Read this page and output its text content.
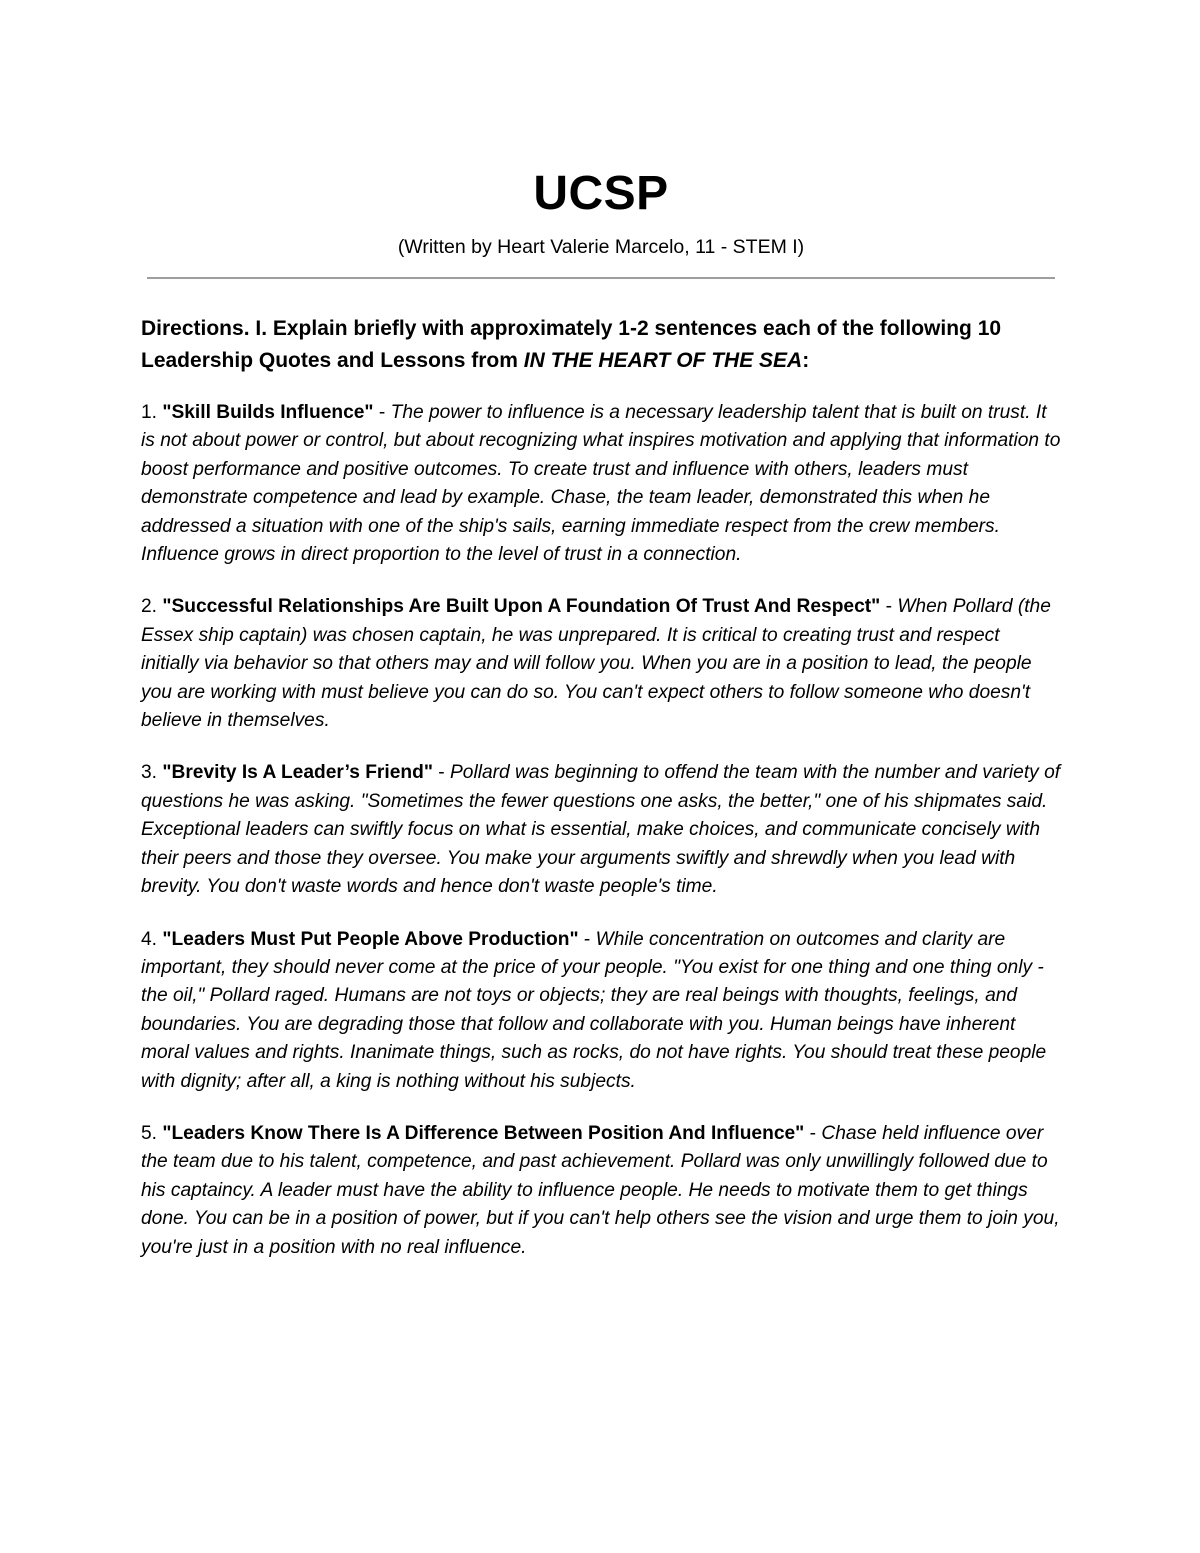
UCSP
(Written by Heart Valerie Marcelo, 11 - STEM I)
Directions. I. Explain briefly with approximately 1-2 sentences each of the following 10 Leadership Quotes and Lessons from IN THE HEART OF THE SEA:

1. "Skill Builds Influence" - The power to influence is a necessary leadership talent that is built on trust. It is not about power or control, but about recognizing what inspires motivation and applying that information to boost performance and positive outcomes. To create trust and influence with others, leaders must demonstrate competence and lead by example. Chase, the team leader, demonstrated this when he addressed a situation with one of the ship's sails, earning immediate respect from the crew members. Influence grows in direct proportion to the level of trust in a connection.

2. "Successful Relationships Are Built Upon A Foundation Of Trust And Respect" - When Pollard (the Essex ship captain) was chosen captain, he was unprepared. It is critical to creating trust and respect initially via behavior so that others may and will follow you. When you are in a position to lead, the people you are working with must believe you can do so. You can't expect others to follow someone who doesn't believe in themselves.

3. "Brevity Is A Leader’s Friend" - Pollard was beginning to offend the team with the number and variety of questions he was asking. "Sometimes the fewer questions one asks, the better," one of his shipmates said. Exceptional leaders can swiftly focus on what is essential, make choices, and communicate concisely with their peers and those they oversee. You make your arguments swiftly and shrewdly when you lead with brevity. You don't waste words and hence don't waste people's time.

4. "Leaders Must Put People Above Production" - While concentration on outcomes and clarity are important, they should never come at the price of your people. "You exist for one thing and one thing only - the oil," Pollard raged. Humans are not toys or objects; they are real beings with thoughts, feelings, and boundaries. You are degrading those that follow and collaborate with you. Human beings have inherent moral values and rights. Inanimate things, such as rocks, do not have rights. You should treat these people with dignity; after all, a king is nothing without his subjects.

5. "Leaders Know There Is A Difference Between Position And Influence" - Chase held influence over the team due to his talent, competence, and past achievement. Pollard was only unwillingly followed due to his captaincy. A leader must have the ability to influence people. He needs to motivate them to get things done. You can be in a position of power, but if you can't help others see the vision and urge them to join you, you're just in a position with no real influence.
